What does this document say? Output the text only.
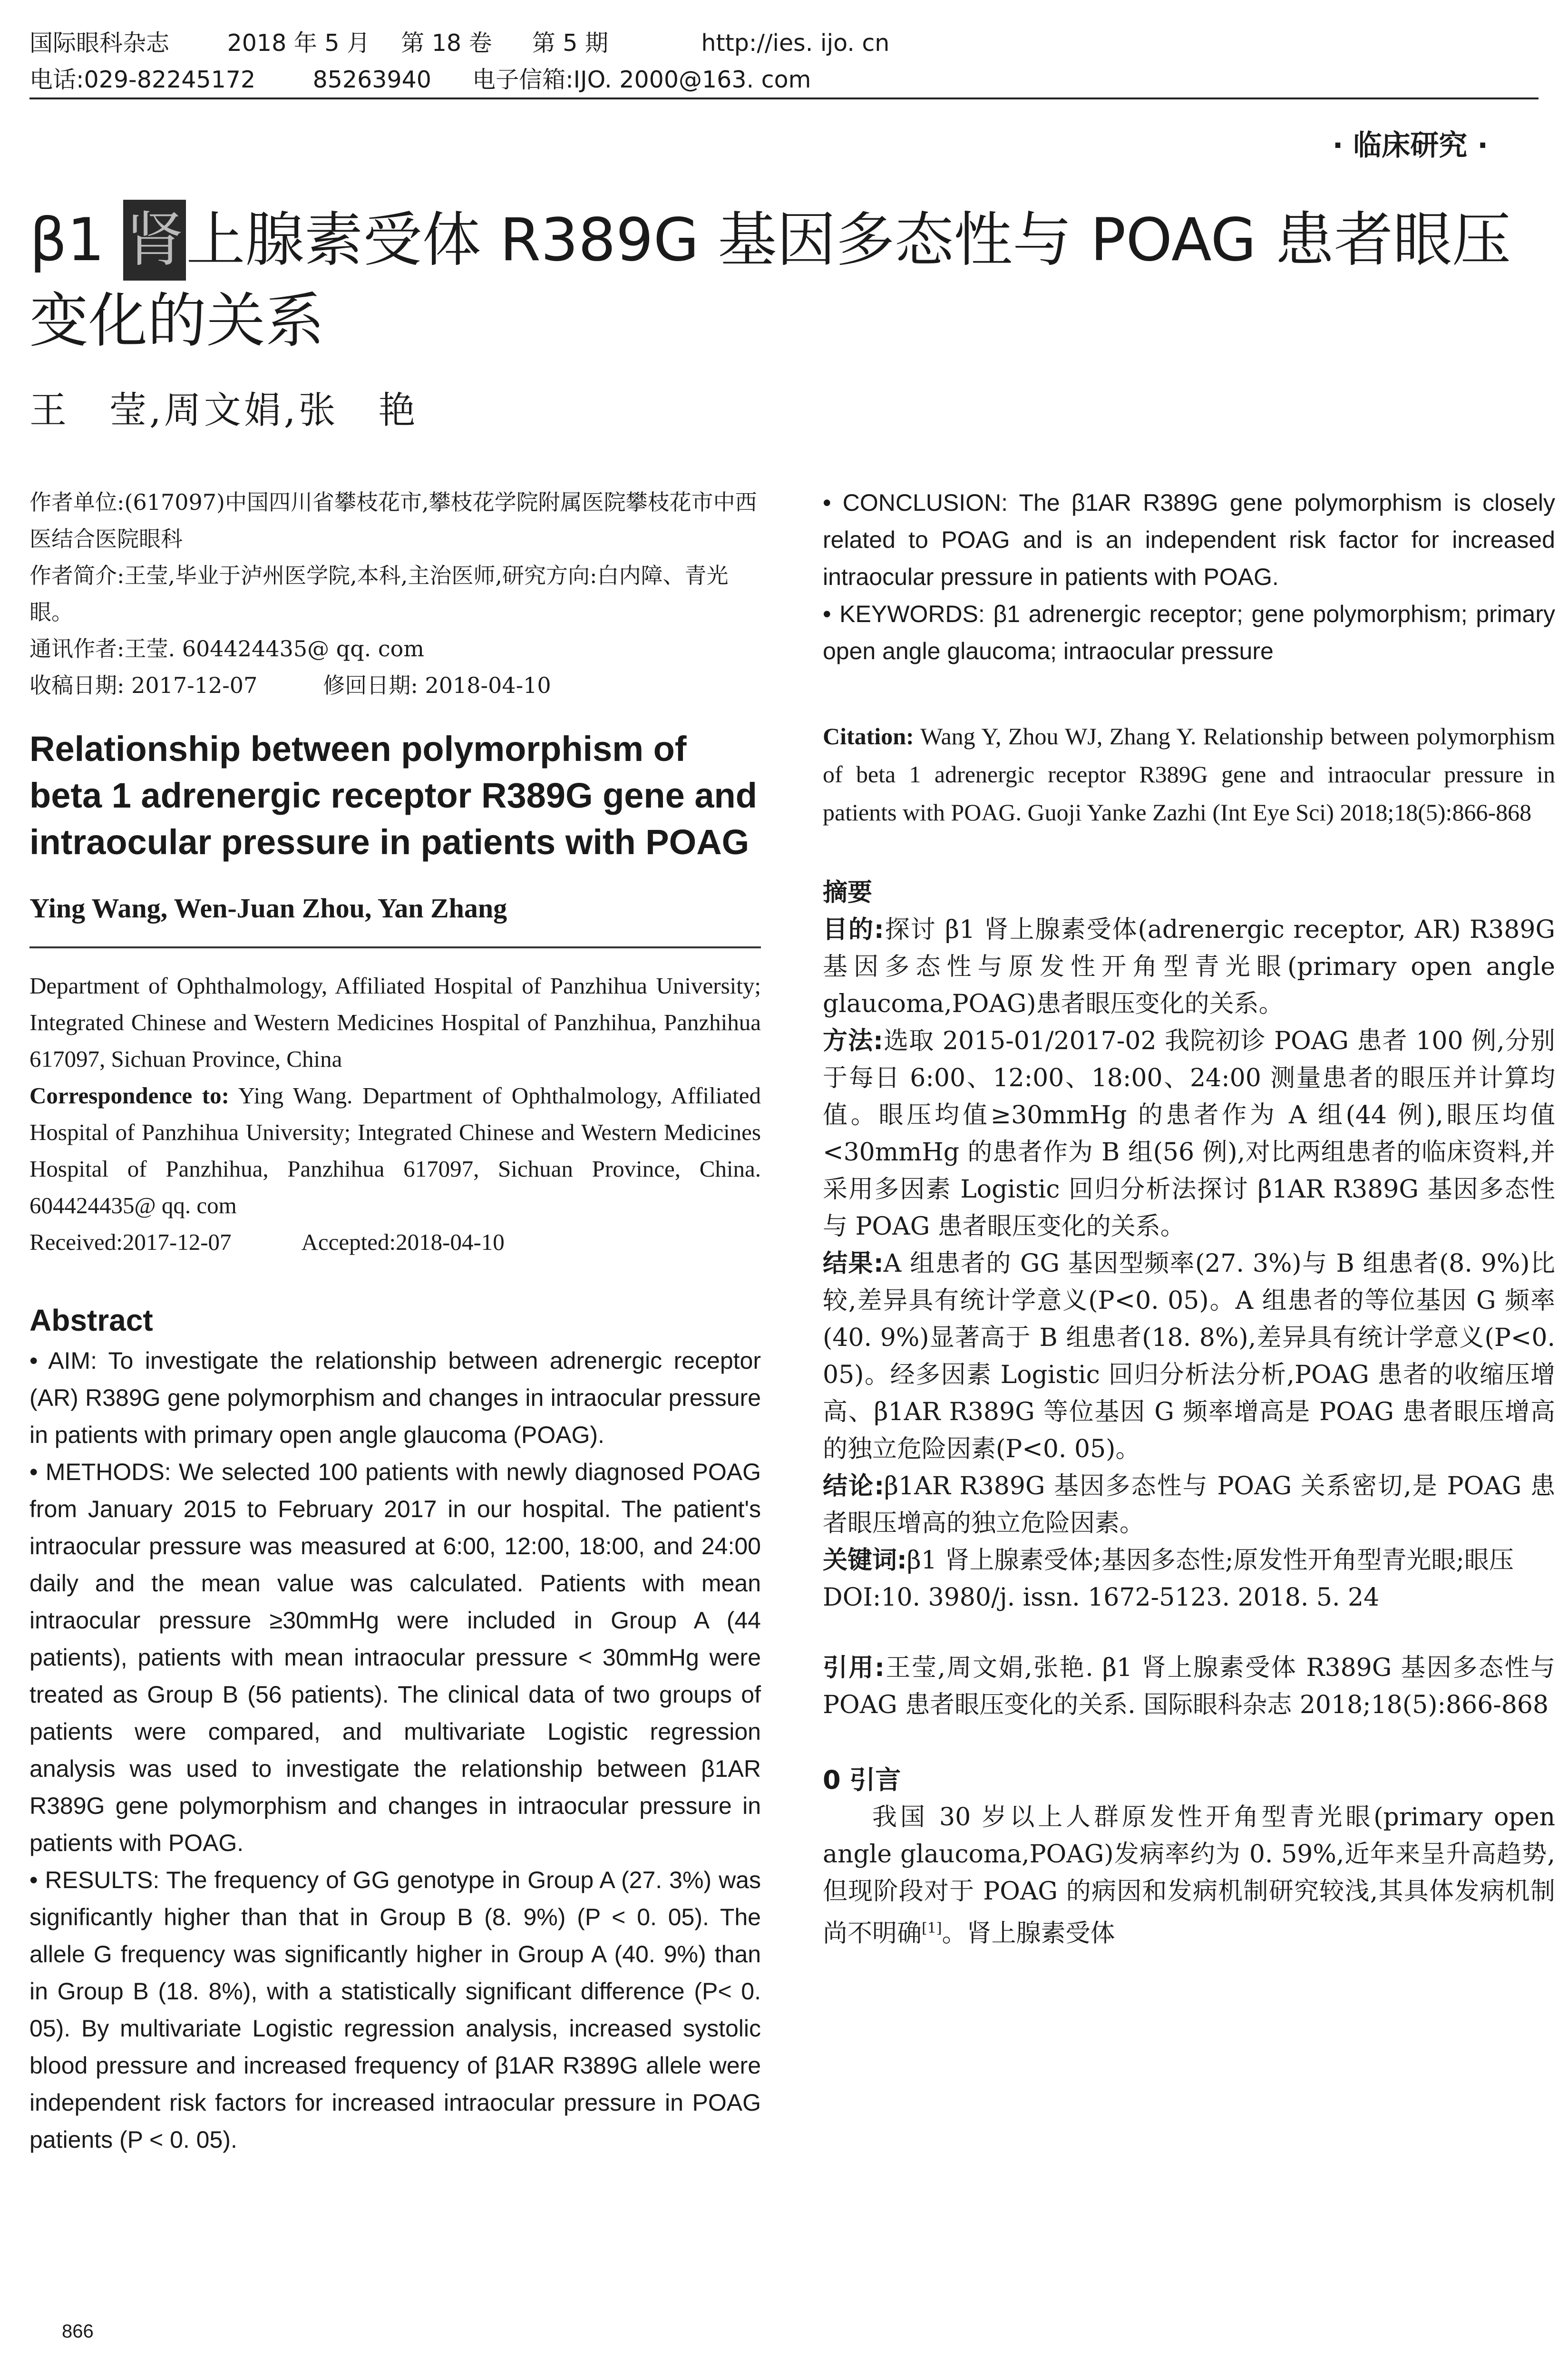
国际眼科杂志 2018 年 5 月 第 18 卷 第 5 期	http://ies. ijo. cn
电话:029-82245172 85263940 电子信箱:IJO. 2000@163. com
· 临床研究 ·
β1 肾上腺素受体 R389G 基因多态性与 POAG 患者眼压变化的关系
王　莹,周文娟,张　艳
作者单位:(617097)中国四川省攀枝花市,攀枝花学院附属医院攀枝花市中西医结合医院眼科
作者简介:王莹,毕业于泸州医学院,本科,主治医师,研究方向:白内障、青光眼。
通讯作者:王莹. 604424435@ qq. com
收稿日期: 2017-12-07　　　修回日期: 2018-04-10
Relationship between polymorphism of beta 1 adrenergic receptor R389G gene and intraocular pressure in patients with POAG
Ying Wang, Wen-Juan Zhou, Yan Zhang
Department of Ophthalmology, Affiliated Hospital of Panzhihua University; Integrated Chinese and Western Medicines Hospital of Panzhihua, Panzhihua 617097, Sichuan Province, China
Correspondence to: Ying Wang. Department of Ophthalmology, Affiliated Hospital of Panzhihua University; Integrated Chinese and Western Medicines Hospital of Panzhihua, Panzhihua 617097, Sichuan Province, China. 604424435@ qq. com
Received:2017-12-07　　　Accepted:2018-04-10
Abstract
• AIM: To investigate the relationship between adrenergic receptor (AR) R389G gene polymorphism and changes in intraocular pressure in patients with primary open angle glaucoma (POAG).
• METHODS: We selected 100 patients with newly diagnosed POAG from January 2015 to February 2017 in our hospital. The patient's intraocular pressure was measured at 6:00, 12:00, 18:00, and 24:00 daily and the mean value was calculated. Patients with mean intraocular pressure ≥30mmHg were included in Group A (44 patients), patients with mean intraocular pressure < 30mmHg were treated as Group B (56 patients). The clinical data of two groups of patients were compared, and multivariate Logistic regression analysis was used to investigate the relationship between β1AR R389G gene polymorphism and changes in intraocular pressure in patients with POAG.
• RESULTS: The frequency of GG genotype in Group A (27. 3%) was significantly higher than that in Group B (8. 9%) (P < 0. 05). The allele G frequency was significantly higher in Group A (40. 9%) than in Group B (18. 8%), with a statistically significant difference (P< 0. 05). By multivariate Logistic regression analysis, increased systolic blood pressure and increased frequency of β1AR R389G allele were independent risk factors for increased intraocular pressure in POAG patients (P < 0. 05).
• CONCLUSION: The β1AR R389G gene polymorphism is closely related to POAG and is an independent risk factor for increased intraocular pressure in patients with POAG.
• KEYWORDS: β1 adrenergic receptor; gene polymorphism; primary open angle glaucoma; intraocular pressure
Citation: Wang Y, Zhou WJ, Zhang Y. Relationship between polymorphism of beta 1 adrenergic receptor R389G gene and intraocular pressure in patients with POAG. Guoji Yanke Zazhi (Int Eye Sci) 2018;18(5):866-868
摘要
目的:探讨 β1 肾上腺素受体(adrenergic receptor, AR) R389G 基因多态性与原发性开角型青光眼(primary open angle glaucoma,POAG)患者眼压变化的关系。
方法:选取 2015-01/2017-02 我院初诊 POAG 患者 100 例,分别于每日 6:00、12:00、18:00、24:00 测量患者的眼压并计算均值。眼压均值≥30mmHg 的患者作为 A 组(44 例),眼压均值<30mmHg 的患者作为 B 组(56 例),对比两组患者的临床资料,并采用多因素 Logistic 回归分析法探讨 β1AR R389G 基因多态性与 POAG 患者眼压变化的关系。
结果:A 组患者的 GG 基因型频率(27. 3%)与 B 组患者(8. 9%)比较,差异具有统计学意义(P<0. 05)。A 组患者的等位基因 G 频率(40. 9%)显著高于 B 组患者(18. 8%),差异具有统计学意义(P<0. 05)。经多因素 Logistic 回归分析法分析,POAG 患者的收缩压增高、β1AR R389G 等位基因 G 频率增高是 POAG 患者眼压增高的独立危险因素(P<0. 05)。
结论:β1AR R389G 基因多态性与 POAG 关系密切,是 POAG 患者眼压增高的独立危险因素。
关键词:β1 肾上腺素受体;基因多态性;原发性开角型青光眼;眼压
DOI:10. 3980/j. issn. 1672-5123. 2018. 5. 24
引用:王莹,周文娟,张艳. β1 肾上腺素受体 R389G 基因多态性与 POAG 患者眼压变化的关系. 国际眼科杂志 2018;18(5):866-868
0 引言
我国 30 岁以上人群原发性开角型青光眼(primary open angle glaucoma,POAG)发病率约为 0. 59%,近年来呈升高趋势,但现阶段对于 POAG 的病因和发病机制研究较浅,其具体发病机制尚不明确[1]。肾上腺素受体
866
